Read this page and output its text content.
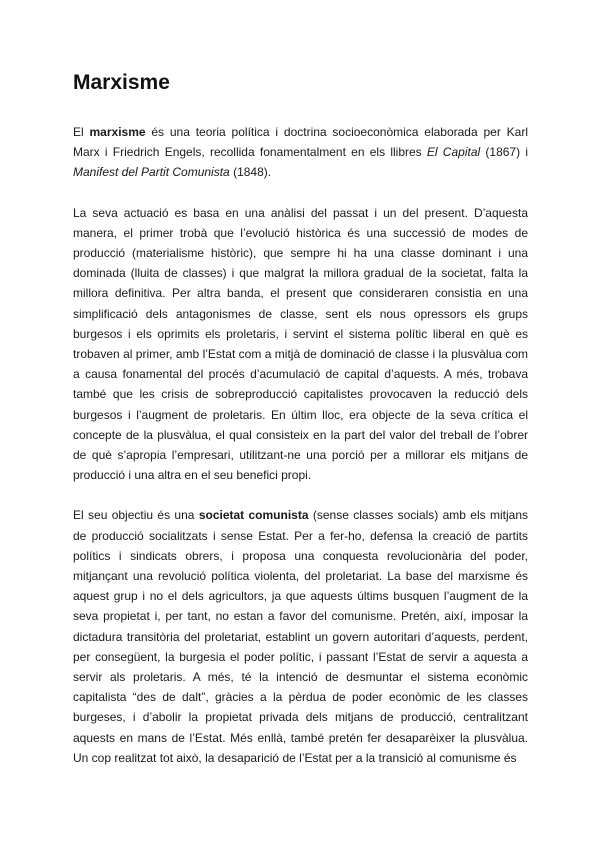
Marxisme

El marxisme és una teoria política i doctrina socioeconòmica elaborada per Karl Marx i Friedrich Engels, recollida fonamentalment en els llibres El Capital (1867) i Manifest del Partit Comunista (1848).

La seva actuació es basa en una anàlisi del passat i un del present. D’aquesta manera, el primer trobà que l’evolució històrica és una successió de modes de producció (materialisme històric), que sempre hi ha una classe dominant i una dominada (lluita de classes) i que malgrat la millora gradual de la societat, falta la millora definitiva. Per altra banda, el present que consideraren consistia en una simplificació dels antagonismes de classe, sent els nous opressors els grups burgesos i els oprimits els proletaris, i servint el sistema polític liberal en què es trobaven al primer, amb l’Estat com a mitjà de dominació de classe i la plusvàlua com a causa fonamental del procés d’acumulació de capital d’aquests. A més, trobava també que les crisis de sobreproducció capitalistes provocaven la reducció dels burgesos i l’augment de proletaris. En últim lloc, era objecte de la seva crítica el concepte de la plusvàlua, el qual consisteix en la part del valor del treball de l’obrer de què s’apropia l’empresari, utilitzant-ne una porció per a millorar els mitjans de producció i una altra en el seu benefici propi.

El seu objectiu és una societat comunista (sense classes socials) amb els mitjans de producció socialitzats i sense Estat. Per a fer-ho, defensa la creació de partits polítics i sindicats obrers, i proposa una conquesta revolucionària del poder, mitjançant una revolució política violenta, del proletariat. La base del marxisme és aquest grup i no el dels agricultors, ja que aquests últims busquen l’augment de la seva propietat i, per tant, no estan a favor del comunisme. Pretén, així, imposar la dictadura transitòria del proletariat, establint un govern autoritari d’aquests, perdent, per consegüent, la burgesia el poder polític, i passant l’Estat de servir a aquesta a servir als proletaris. A més, té la intenció de desmuntar el sistema econòmic capitalista “des de dalt”, gràcies a la pèrdua de poder econòmic de les classes burgeses, i d’abolir la propietat privada dels mitjans de producció, centralitzant aquests en mans de l’Estat. Més enllà, també pretén fer desaparèixer la plusvàlua. Un cop realitzat tot això, la desaparició de l’Estat per a la transició al comunisme és
